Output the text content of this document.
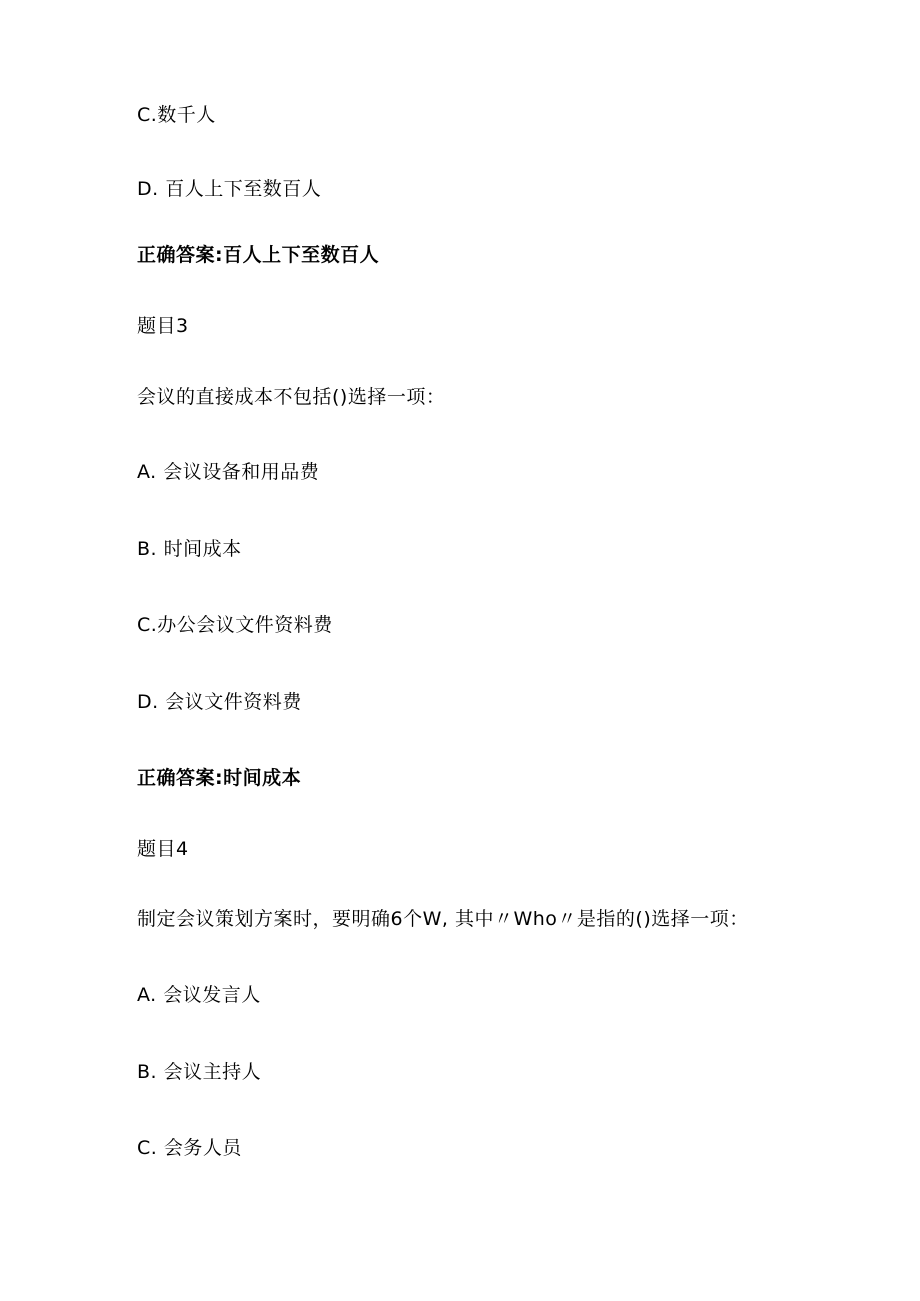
C.数千人
D. 百人上下至数百人
正确答案:百人上下至数百人
题目3
会议的直接成本不包括()选择一项：
A. 会议设备和用品费
B. 时间成本
C.办公会议文件资料费
D. 会议文件资料费
正确答案:时间成本
题目4
制定会议策划方案时，要明确6个W, 其中〃Who〃是指的()选择一项：
A. 会议发言人
B. 会议主持人
C. 会务人员
